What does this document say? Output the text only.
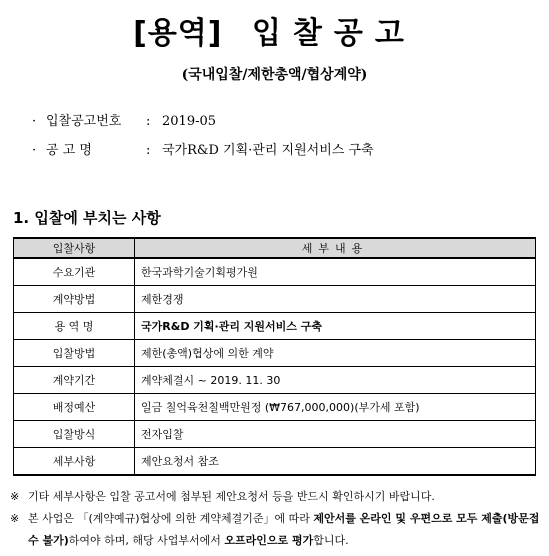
[용역] 입찰공고
(국내입찰/제한총액/협상계약)
· 입찰공고번호 : 2019-05
· 공 고 명	: 국가R&D 기획·관리 지원서비스 구축
1. 입찰에 부치는 사항
입찰사항	세부내용
수요기관	한국과학기술기획평가원
계약방법	제한경쟁
용 역 명	국가R&D 기획·관리 지원서비스 구축
입찰방법	제한(총액)협상에 의한 계약
계약기간	계약체결시 ~ 2019. 11. 30
배정예산	일금 칠억육천칠백만원정 (₩767,000,000)(부가세 포함)
입찰방식	전자입찰
세부사항	제안요청서 참조
※ 기타 세부사항은 입찰 공고서에 첨부된 제안요청서 등을 반드시 확인하시기 바랍니다.
※ 본 사업은 「(계약예규)협상에 의한 계약체결기준」에 따라 제안서를 온라인 및 우편으로 모두 제출(방문접수 불가)하여야 하며, 해당 사업부서에서 오프라인으로 평가합니다.
